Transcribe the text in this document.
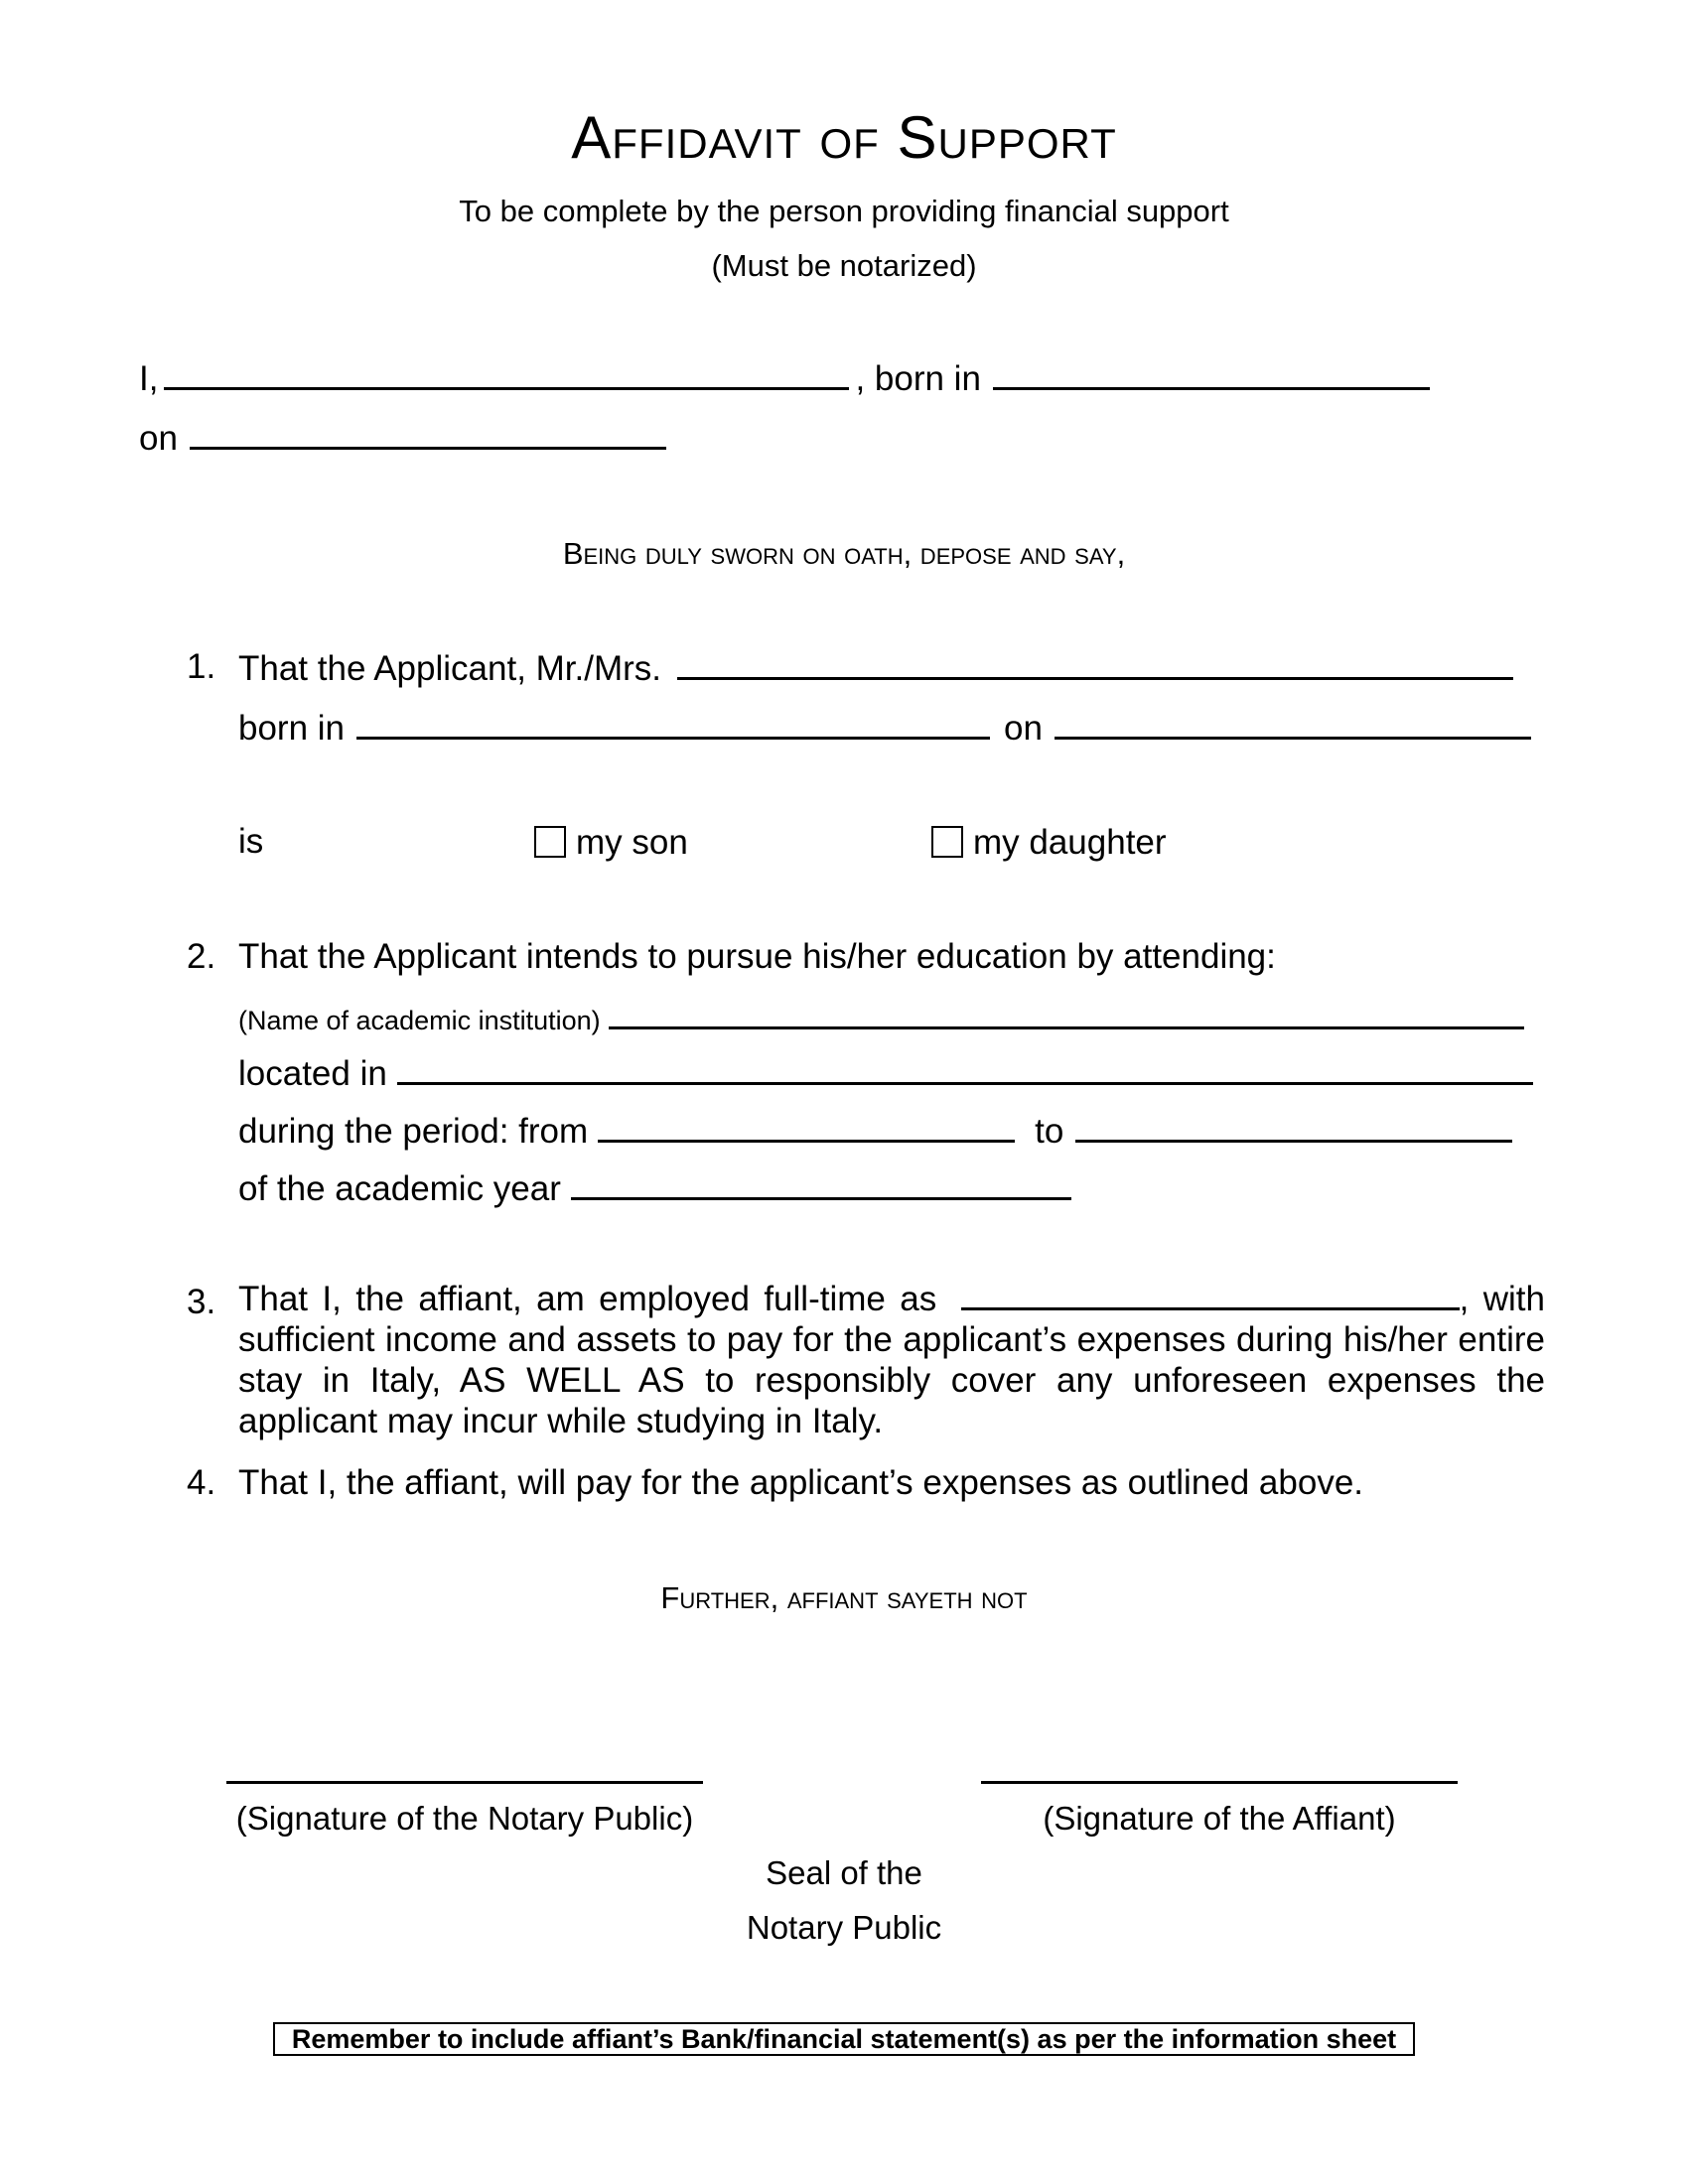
Affidavit of Support
To be complete by the person providing financial support
(Must be notarized)
I,	, born in
on
Being duly sworn on oath, depose and say,
1. That the Applicant, Mr./Mrs.
born in	on
is	my son	my daughter
2. That the Applicant intends to pursue his/her education by attending:
(Name of academic institution)
located in
during the period: from	to
of the academic year
3. That I, the affiant, am employed full-time as	, with sufficient income and assets to pay for the applicant’s expenses during his/her entire stay in Italy, AS WELL AS to responsibly cover any unforeseen expenses the applicant may incur while studying in Italy.
4. That I, the affiant, will pay for the applicant’s expenses as outlined above.
Further, affiant sayeth not
(Signature of the Notary Public)	(Signature of the Affiant)
Seal of the
Notary Public
Remember to include affiant’s Bank/financial statement(s) as per the information sheet
